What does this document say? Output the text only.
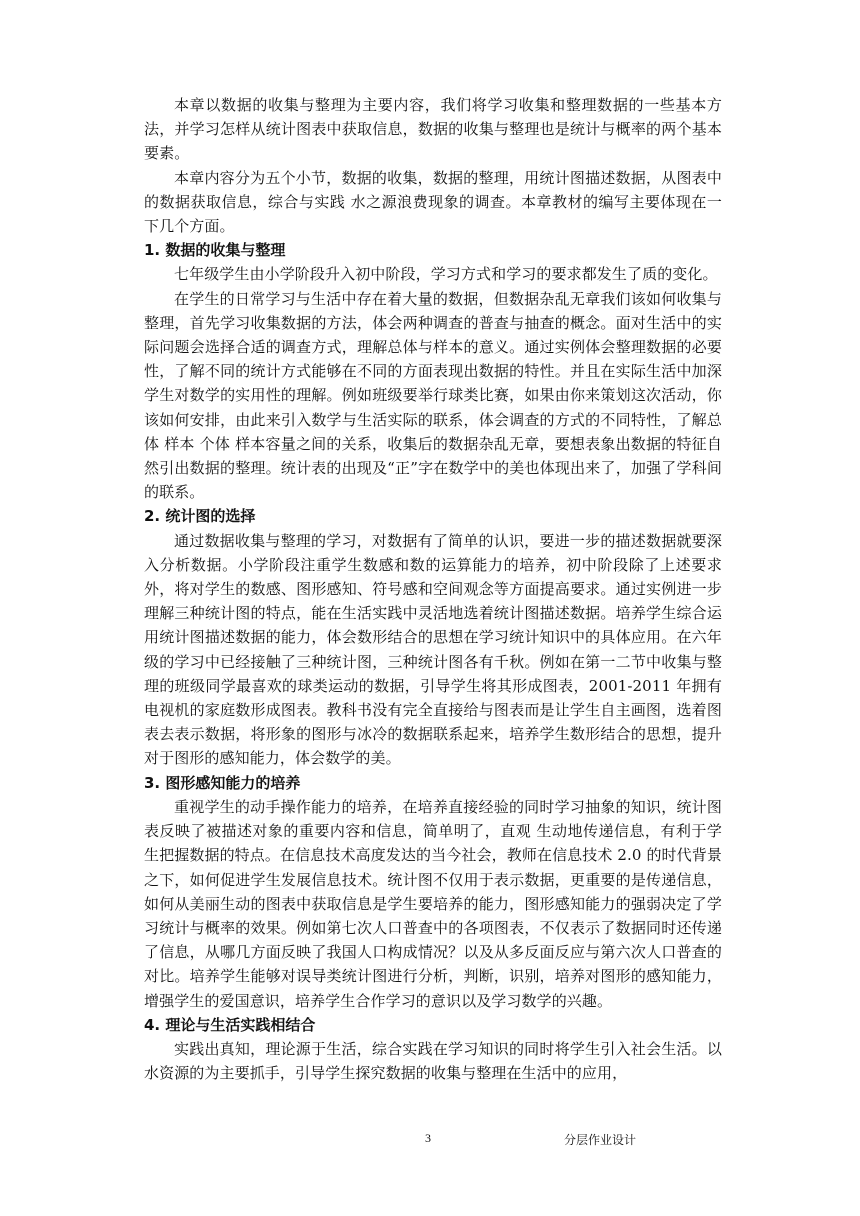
本章以数据的收集与整理为主要内容，我们将学习收集和整理数据的一些基本方法，并学习怎样从统计图表中获取信息，数据的收集与整理也是统计与概率的两个基本要素。

本章内容分为五个小节，数据的收集，数据的整理，用统计图描述数据，从图表中的数据获取信息，综合与实践 水之源浪费现象的调查。本章教材的编写主要体现在一下几个方面。

1. 数据的收集与整理

七年级学生由小学阶段升入初中阶段，学习方式和学习的要求都发生了质的变化。

在学生的日常学习与生活中存在着大量的数据，但数据杂乱无章我们该如何收集与整理，首先学习收集数据的方法，体会两种调查的普查与抽查的概念。面对生活中的实际问题会选择合适的调查方式，理解总体与样本的意义。通过实例体会整理数据的必要性，了解不同的统计方式能够在不同的方面表现出数据的特性。并且在实际生活中加深学生对数学的实用性的理解。例如班级要举行球类比赛，如果由你来策划这次活动，你该如何安排，由此来引入数学与生活实际的联系，体会调查的方式的不同特性，了解总体 样本 个体 样本容量之间的关系，收集后的数据杂乱无章，要想表象出数据的特征自然引出数据的整理。统计表的出现及“正”字在数学中的美也体现出来了，加强了学科间的联系。

2. 统计图的选择

通过数据收集与整理的学习，对数据有了简单的认识，要进一步的描述数据就要深入分析数据。小学阶段注重学生数感和数的运算能力的培养，初中阶段除了上述要求外，将对学生的数感、图形感知、符号感和空间观念等方面提高要求。通过实例进一步理解三种统计图的特点，能在生活实践中灵活地选着统计图描述数据。培养学生综合运用统计图描述数据的能力，体会数形结合的思想在学习统计知识中的具体应用。在六年级的学习中已经接触了三种统计图，三种统计图各有千秋。例如在第一二节中收集与整理的班级同学最喜欢的球类运动的数据，引导学生将其形成图表，2001-2011 年拥有电视机的家庭数形成图表。教科书没有完全直接给与图表而是让学生自主画图，选着图表去表示数据，将形象的图形与冰冷的数据联系起来，培养学生数形结合的思想，提升对于图形的感知能力，体会数学的美。

3. 图形感知能力的培养

重视学生的动手操作能力的培养，在培养直接经验的同时学习抽象的知识，统计图表反映了被描述对象的重要内容和信息，简单明了，直观 生动地传递信息，有利于学生把握数据的特点。在信息技术高度发达的当今社会，教师在信息技术 2.0 的时代背景之下，如何促进学生发展信息技术。统计图不仅用于表示数据，更重要的是传递信息，如何从美丽生动的图表中获取信息是学生要培养的能力，图形感知能力的强弱决定了学习统计与概率的效果。例如第七次人口普查中的各项图表，不仅表示了数据同时还传递了信息，从哪几方面反映了我国人口构成情况？以及从多反面反应与第六次人口普查的对比。培养学生能够对误导类统计图进行分析，判断，识别，培养对图形的感知能力，增强学生的爱国意识，培养学生合作学习的意识以及学习数学的兴趣。

4. 理论与生活实践相结合

实践出真知，理论源于生活，综合实践在学习知识的同时将学生引入社会生活。以水资源的为主要抓手，引导学生探究数据的收集与整理在生活中的应用，

3	分层作业设计
